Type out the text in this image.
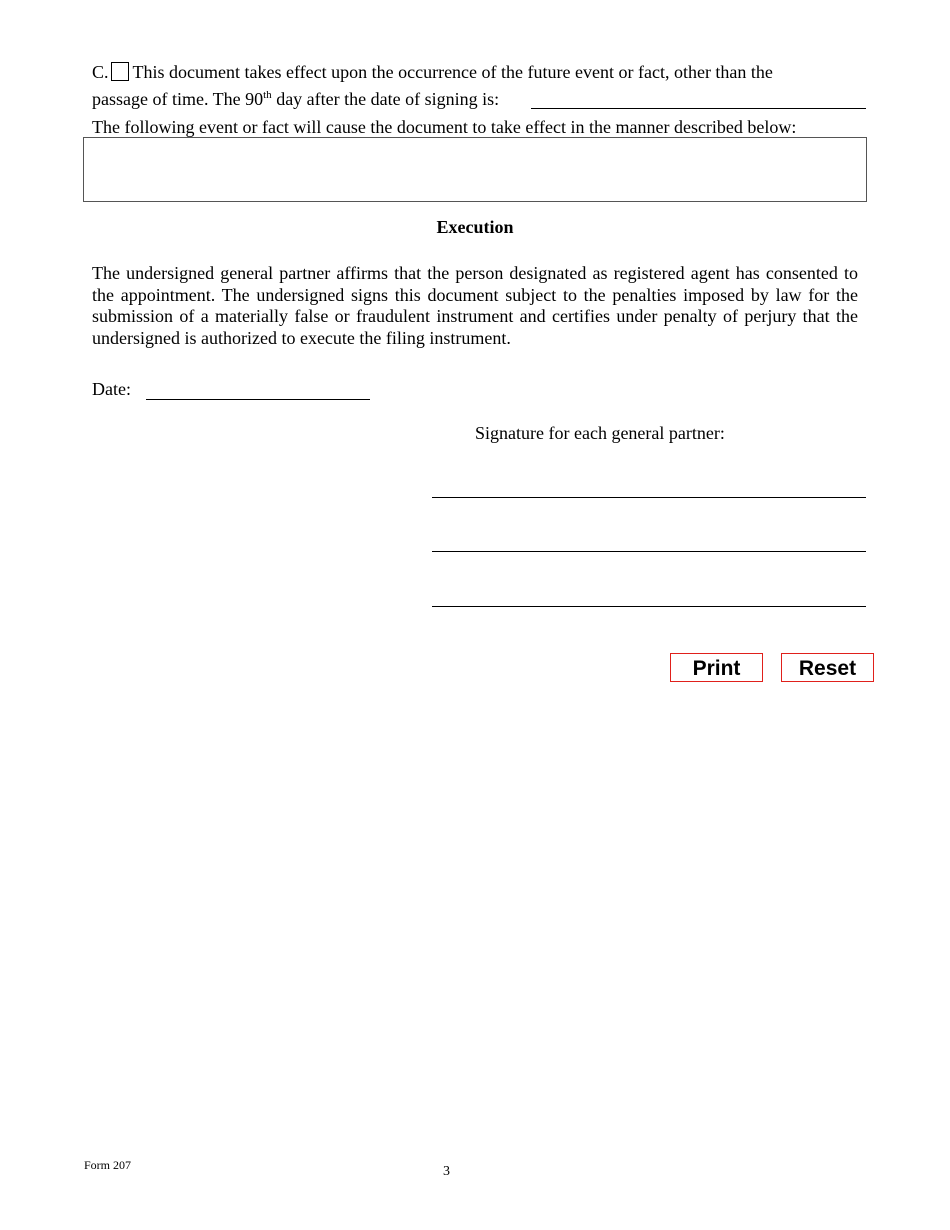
C. This document takes effect upon the occurrence of the future event or fact, other than the
passage of time. The 90th day after the date of signing is:
The following event or fact will cause the document to take effect in the manner described below:
Execution
The undersigned general partner affirms that the person designated as registered agent has consented to the appointment. The undersigned signs this document subject to the penalties imposed by law for the submission of a materially false or fraudulent instrument and certifies under penalty of perjury that the undersigned is authorized to execute the filing instrument.
Date:
Signature for each general partner:
Print	Reset
Form 207	3
